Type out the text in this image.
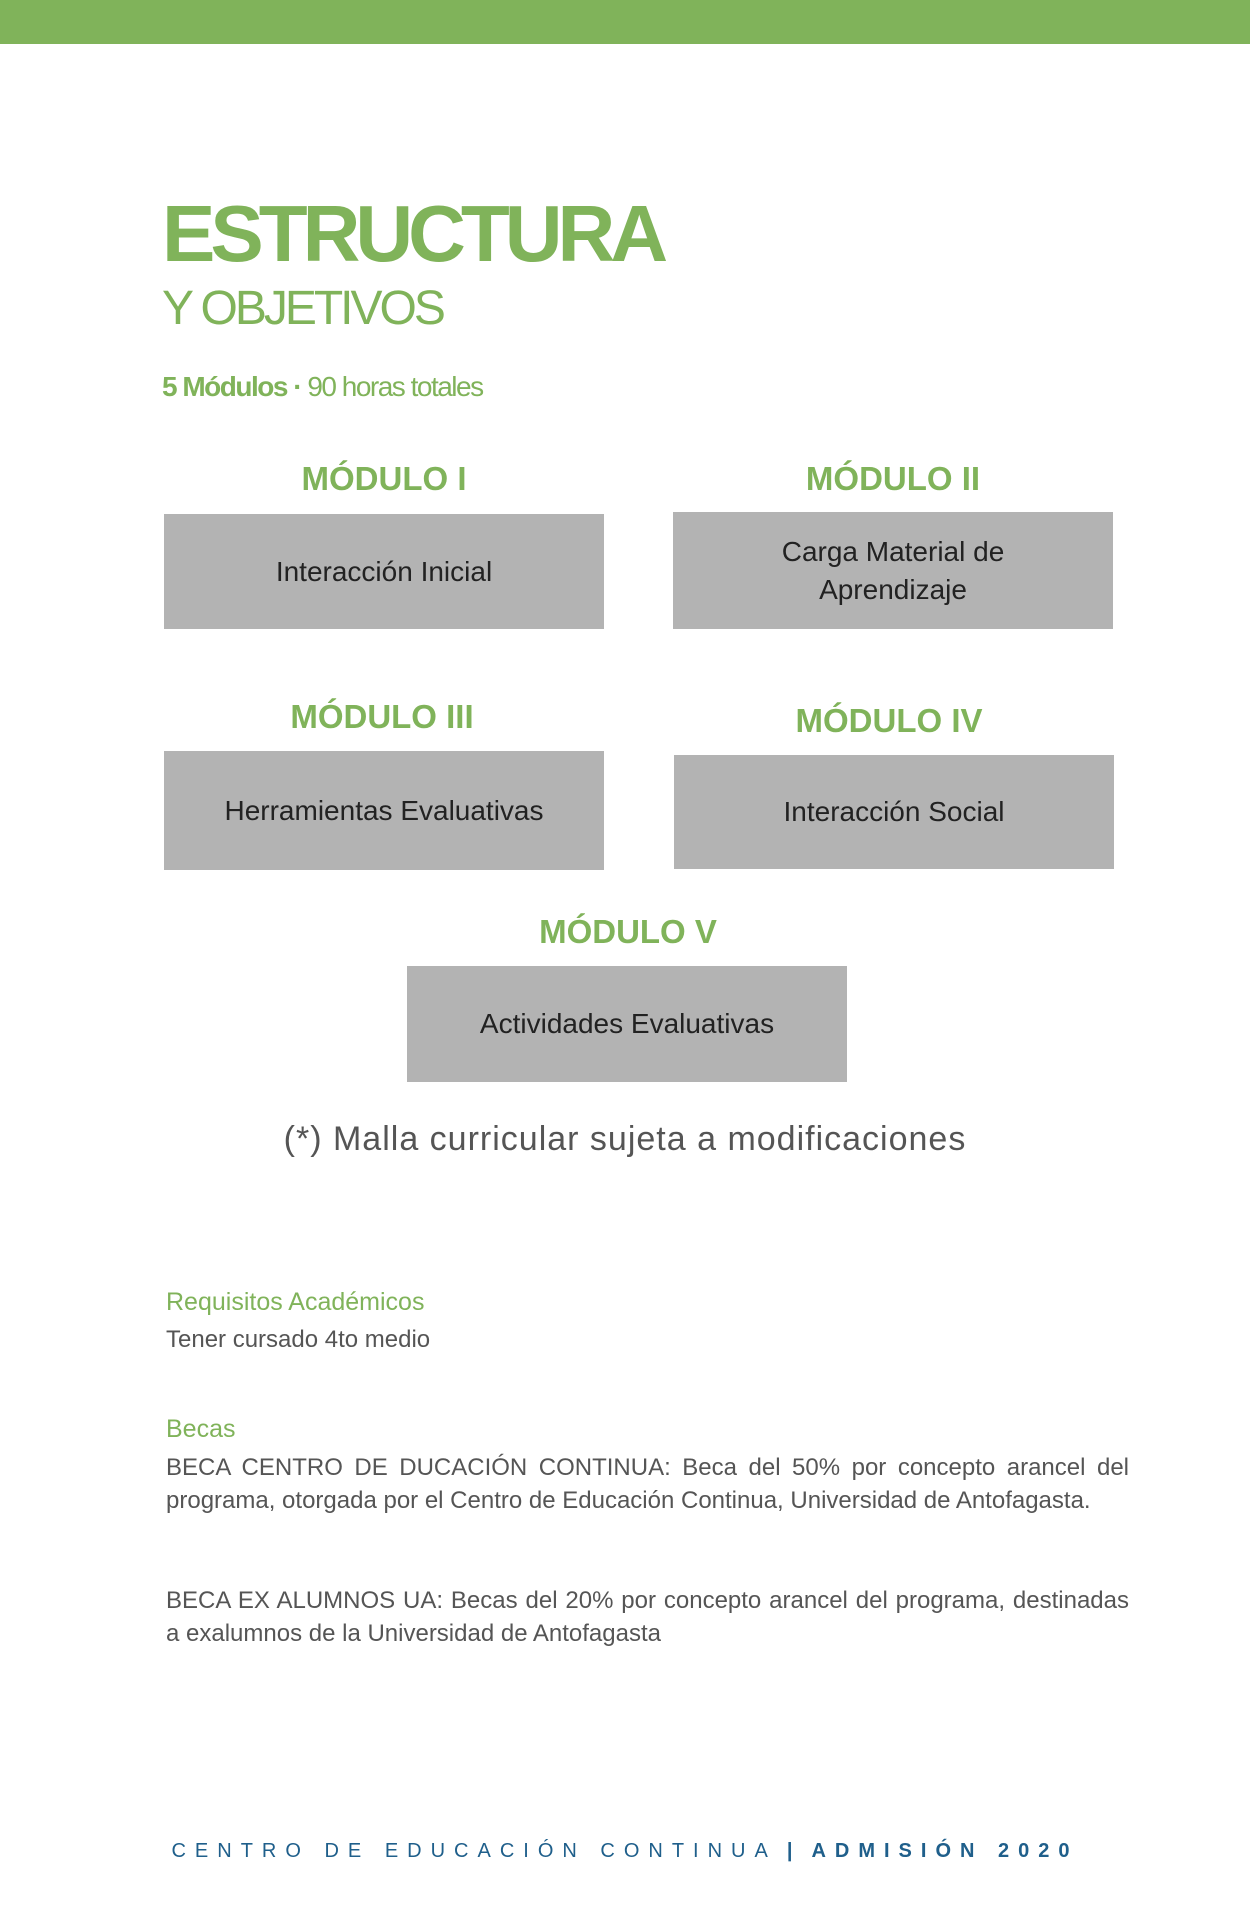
ESTRUCTURA
Y OBJETIVOS
5 Módulos · 90 horas totales
MÓDULO I
Interacción Inicial
MÓDULO II
Carga Material de Aprendizaje
MÓDULO III
Herramientas Evaluativas
MÓDULO IV
Interacción Social
MÓDULO V
Actividades Evaluativas
(*) Malla curricular sujeta a modificaciones
Requisitos Académicos
Tener cursado 4to medio
Becas
BECA CENTRO DE DUCACIÓN CONTINUA: Beca del 50% por concepto arancel del programa, otorgada por el Centro de Educación Continua, Universidad de Antofagasta.
BECA EX ALUMNOS UA: Becas del 20% por concepto arancel del programa, destinadas a exalumnos de la Universidad de Antofagasta
CENTRO DE EDUCACIÓN CONTINUA | ADMISIÓN 2020
